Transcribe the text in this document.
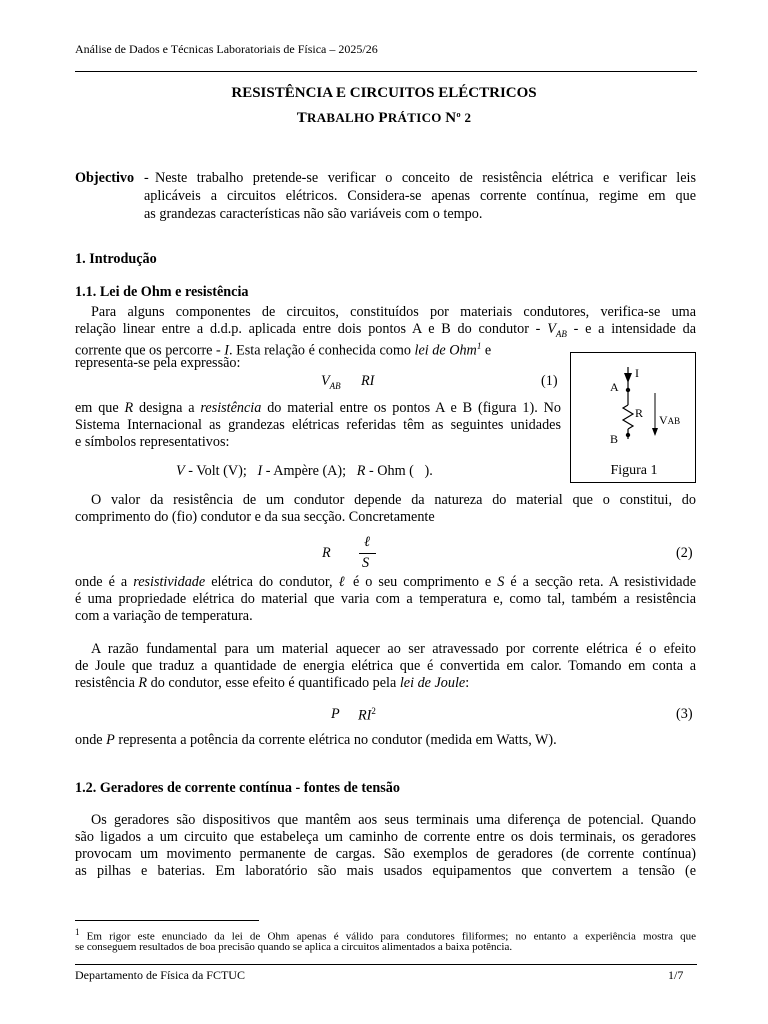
Análise de Dados e Técnicas Laboratoriais de Física – 2025/26
RESISTÊNCIA E CIRCUITOS ELÉCTRICOS
TRABALHO PRÁTICO Nº 2
Objectivo - Neste trabalho pretende-se verificar o conceito de resistência elétrica e verificar leis
aplicáveis a circuitos elétricos. Considera-se apenas corrente contínua, regime em que
as grandezas características não são variáveis com o tempo.
1. Introdução
1.1. Lei de Ohm e resistência
Para alguns componentes de circuitos, constituídos por materiais condutores, verifica-se uma
relação linear entre a d.d.p. aplicada entre dois pontos A e B do condutor - $V_{AB}$ - e a intensidade da
corrente que os percorre - I. Esta relação é conhecida como lei de Ohm$^1$ e
representa-se pela expressão:
$V_{AB}$ RI	(1)
em que R designa a resistência do material entre os pontos A e B (figura 1). No
Sistema Internacional as grandezas elétricas referidas têm as seguintes unidades
e símbolos representativos:
V - Volt (V);   I - Ampère (A);   R - Ohm (   ).
I
A
R
B
VAB
Figura 1
O valor da resistência de um condutor depende da natureza do material que o constitui, do
comprimento do (fio) condutor e da sua secção. Concretamente
R
ℓ
S
(2)
onde é a resistividade elétrica do condutor, ℓ é o seu comprimento e S é a secção reta. A resistividade
é uma propriedade elétrica do material que varia com a temperatura e, como tal, também a resistência
com a variação de temperatura.
A razão fundamental para um material aquecer ao ser atravessado por corrente elétrica é o efeito
de Joule que traduz a quantidade de energia elétrica que é convertida em calor. Tomando em conta a
resistência R do condutor, esse efeito é quantificado pela lei de Joule:
P $RI^2$	(3)
onde P representa a potência da corrente elétrica no condutor (medida em Watts, W).
1.2. Geradores de corrente contínua - fontes de tensão
Os geradores são dispositivos que mantêm aos seus terminais uma diferença de potencial. Quando
são ligados a um circuito que estabeleça um caminho de corrente entre os dois terminais, os geradores
provocam um movimento permanente de cargas. São exemplos de geradores (de corrente contínua)
as pilhas e baterias. Em laboratório são mais usados equipamentos que convertem a tensão (e
$^1$ Em rigor este enunciado da lei de Ohm apenas é válido para condutores filiformes; no entanto a experiência mostra que
se conseguem resultados de boa precisão quando se aplica a circuitos alimentados a baixa potência.
Departamento de Física da FCTUC	1/7
